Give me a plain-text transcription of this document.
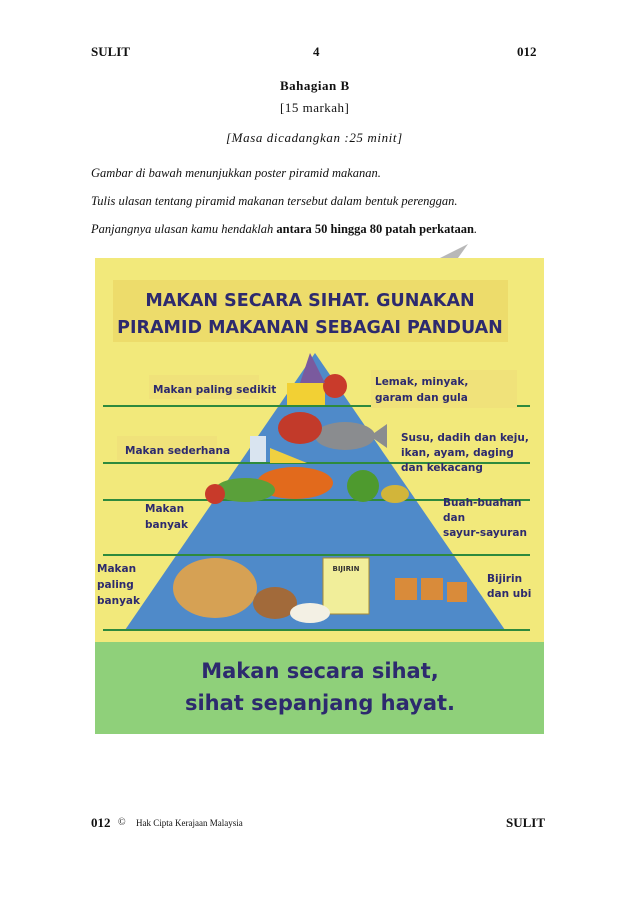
SULIT	4	012
Bahagian B
[15 markah]
[Masa dicadangkan :25 minit]
Gambar di bawah menunjukkan poster piramid makanan.
Tulis ulasan tentang piramid makanan tersebut dalam bentuk perenggan.
Panjangnya ulasan kamu hendaklah antara 50 hingga 80 patah perkataan.
MAKAN SECARA SIHAT. GUNAKAN
PIRAMID MAKANAN SEBAGAI PANDUAN
BIJIRIN
Makan paling sedikit
Makan sederhana
Makan
banyak
Makan
paling
banyak
Lemak, minyak,
garam dan gula
Susu, dadih dan keju,
ikan, ayam, daging
dan kekacang
Buah-buahan
dan
sayur-sayuran
Bijirin
dan ubi
Makan secara sihat,
sihat sepanjang hayat.
012 © Hak Cipta Kerajaan Malaysia	SULIT
